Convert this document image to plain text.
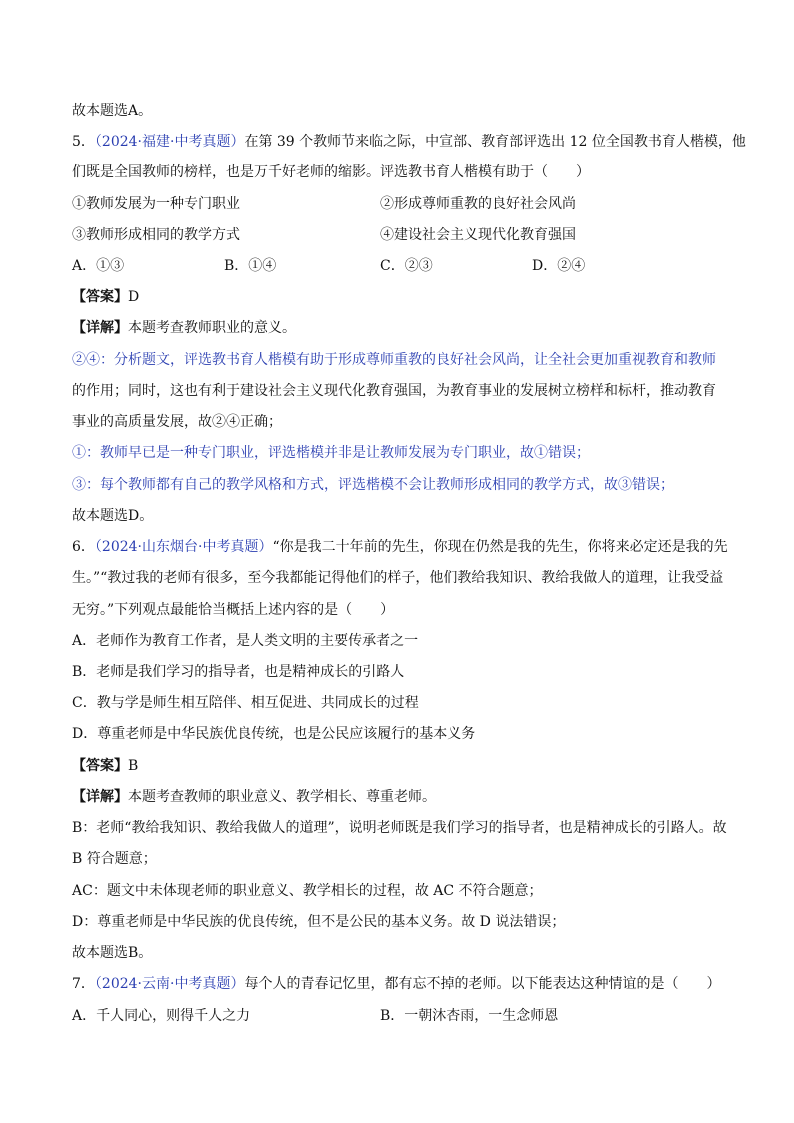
故本题选A。
5．（2024·福建·中考真题）在第 39 个教师节来临之际，中宣部、教育部评选出 12 位全国教书育人楷模，他
们既是全国教师的榜样，也是万千好老师的缩影。评选教书育人楷模有助于（　　）
①教师发展为一种专门职业	②形成尊师重教的良好社会风尚
③教师形成相同的教学方式	④建设社会主义现代化教育强国
A．①③	B．①④	C．②③	D．②④
【答案】D
【详解】本题考查教师职业的意义。
②④：分析题文，评选教书育人楷模有助于形成尊师重教的良好社会风尚，让全社会更加重视教育和教师
的作用；同时，这也有利于建设社会主义现代化教育强国，为教育事业的发展树立榜样和标杆，推动教育
事业的高质量发展，故②④正确；
①：教师早已是一种专门职业，评选楷模并非是让教师发展为专门职业，故①错误；
③：每个教师都有自己的教学风格和方式，评选楷模不会让教师形成相同的教学方式，故③错误；
故本题选D。
6．（2024·山东烟台·中考真题）“你是我二十年前的先生，你现在仍然是我的先生，你将来必定还是我的先
生。”“教过我的老师有很多，至今我都能记得他们的样子，他们教给我知识、教给我做人的道理，让我受益
无穷。”下列观点最能恰当概括上述内容的是（　　）
A．老师作为教育工作者，是人类文明的主要传承者之一
B．老师是我们学习的指导者，也是精神成长的引路人
C．教与学是师生相互陪伴、相互促进、共同成长的过程
D．尊重老师是中华民族优良传统，也是公民应该履行的基本义务
【答案】B
【详解】本题考查教师的职业意义、教学相长、尊重老师。
B：老师“教给我知识、教给我做人的道理”，说明老师既是我们学习的指导者，也是精神成长的引路人。故
B 符合题意；
AC：题文中未体现老师的职业意义、教学相长的过程，故 AC 不符合题意；
D：尊重老师是中华民族的优良传统，但不是公民的基本义务。故 D 说法错误；
故本题选B。
7．（2024·云南·中考真题）每个人的青春记忆里，都有忘不掉的老师。以下能表达这种情谊的是（　　）
A．千人同心，则得千人之力	B．一朝沐杏雨，一生念师恩
